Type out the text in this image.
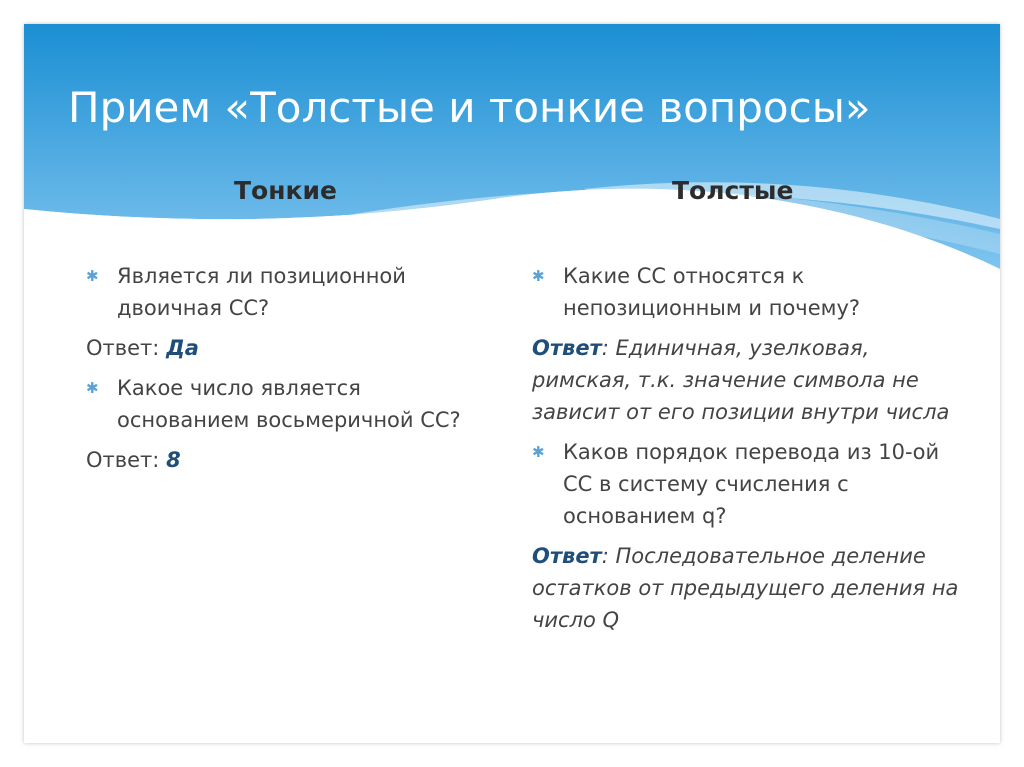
Прием «Толстые и тонкие вопросы»
Тонкие	Толстые
✱ Является ли позиционной двоичная СС?
Ответ: Да
✱ Какое число является основанием восьмеричной СС?
Ответ: 8
✱ Какие СС относятся к непозиционным и почему?
Ответ: Единичная, узелковая, римская, т.к. значение символа не зависит от его позиции внутри числа
✱ Каков порядок перевода из 10-ой СС в систему счисления с основанием q?
Ответ: Последовательное деление остатков от предыдущего деления на число Q
